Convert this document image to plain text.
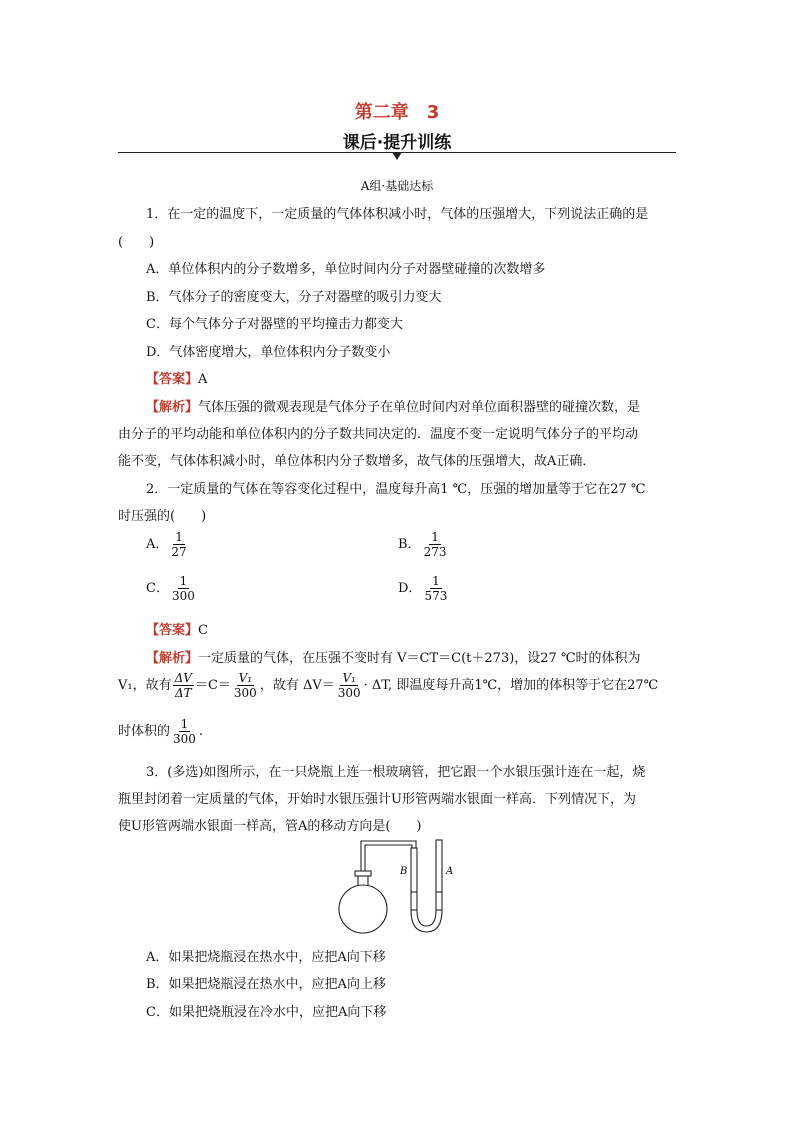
第二章　3
课后·提升训练
A组·基础达标
1．在一定的温度下，一定质量的气体体积减小时，气体的压强增大，下列说法正确的是
(　　)
A．单位体积内的分子数增多，单位时间内分子对器壁碰撞的次数增多
B．气体分子的密度变大，分子对器壁的吸引力变大
C．每个气体分子对器壁的平均撞击力都变大
D．气体密度增大，单位体积内分子数变小
【答案】A
【解析】气体压强的微观表现是气体分子在单位时间内对单位面积器壁的碰撞次数，是
由分子的平均动能和单位体积内的分子数共同决定的．温度不变一定说明气体分子的平均动
能不变，气体体积减小时，单位体积内分子数增多，故气体的压强增大，故A正确．
2．一定质量的气体在等容变化过程中，温度每升高1 ℃，压强的增加量等于它在27 ℃
时压强的(　　)
A． $\frac{1}{27}$	B． $\frac{1}{273}$
C． $\frac{1}{300}$	D． $\frac{1}{573}$
【答案】C
【解析】一定质量的气体，在压强不变时有 V＝CT＝C(t＋273)，设27 ℃时的体积为
V₁，故有 $\frac{\Delta V}{\Delta T} =C= \frac{\text{V₁}}{300}$ ，故有 $\Delta V= \frac{\text{V₁}}{300} \cdot \Delta T$, 即温度每升高1℃，增加的体积等于它在27℃
时体积的 $\frac{1}{300}$ .
3．(多选)如图所示，在一只烧瓶上连一根玻璃管，把它跟一个水银压强计连在一起，烧
瓶里封闭着一定质量的气体，开始时水银压强计U形管两端水银面一样高．下列情况下，为
使U形管两端水银面一样高，管A的移动方向是(　　)
B	A
A．如果把烧瓶浸在热水中，应把A向下移
B．如果把烧瓶浸在热水中，应把A向上移
C．如果把烧瓶浸在冷水中，应把A向下移
